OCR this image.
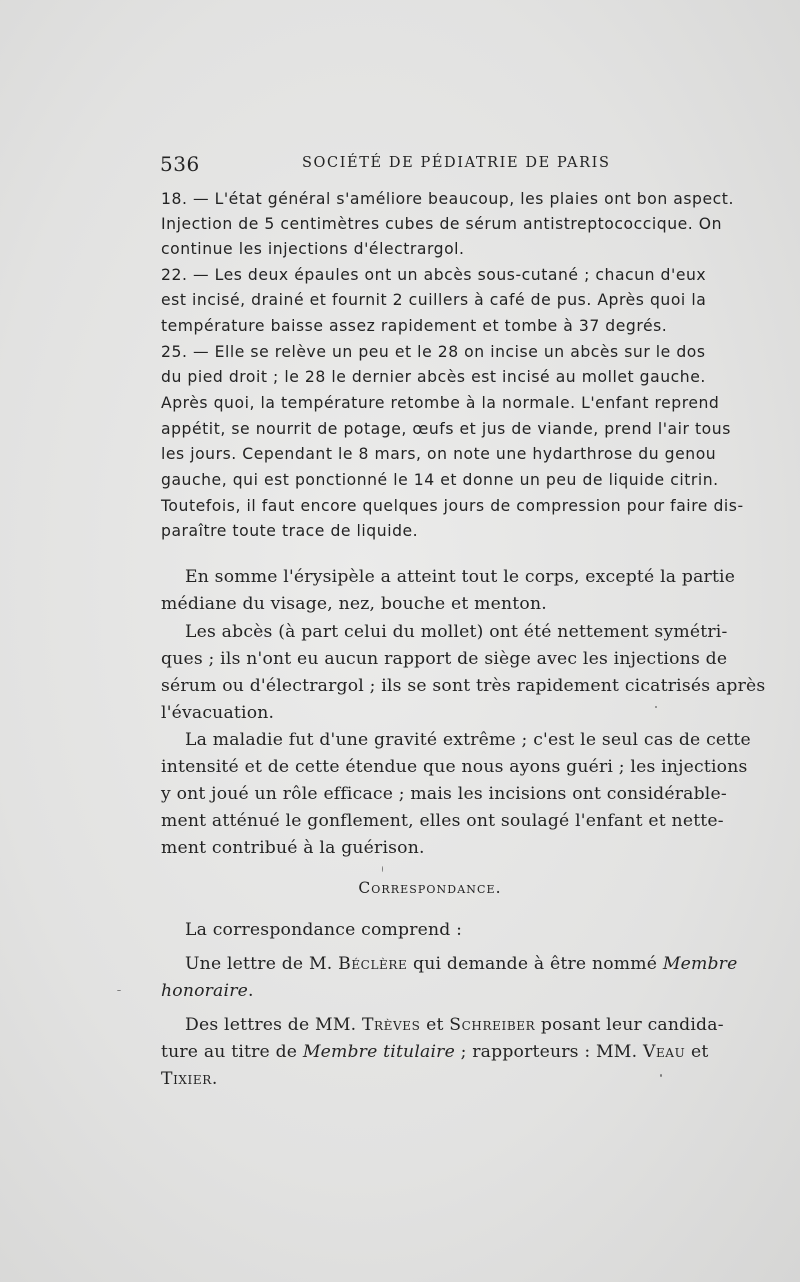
536	SOCIÉTÉ DE PÉDIATRIE DE PARIS
18. — L'état général s'améliore beaucoup, les plaies ont bon aspect.
Injection de 5 centimètres cubes de sérum antistreptococcique. On
continue les injections d'électrargol.
22. — Les deux épaules ont un abcès sous-cutané ; chacun d'eux
est incisé, drainé et fournit 2 cuillers à café de pus. Après quoi la
température baisse assez rapidement et tombe à 37 degrés.
25. — Elle se relève un peu et le 28 on incise un abcès sur le dos
du pied droit ; le 28 le dernier abcès est incisé au mollet gauche.
Après quoi, la température retombe à la normale. L'enfant reprend
appétit, se nourrit de potage, œufs et jus de viande, prend l'air tous
les jours. Cependant le 8 mars, on note une hydarthrose du genou
gauche, qui est ponctionné le 14 et donne un peu de liquide citrin.
Toutefois, il faut encore quelques jours de compression pour faire dis-
paraître toute trace de liquide.
En somme l'érysipèle a atteint tout le corps, excepté la partie
médiane du visage, nez, bouche et menton.
Les abcès (à part celui du mollet) ont été nettement symétri-
ques ; ils n'ont eu aucun rapport de siège avec les injections de
sérum ou d'électrargol ; ils se sont très rapidement cicatrisés après
l'évacuation.
La maladie fut d'une gravité extrême ; c'est le seul cas de cette
intensité et de cette étendue que nous ayons guéri ; les injections
y ont joué un rôle efficace ; mais les incisions ont considérable-
ment atténué le gonflement, elles ont soulagé l'enfant et nette-
ment contribué à la guérison.
Correspondance.
La correspondance comprend :
Une lettre de M. Béclère qui demande à être nommé Membre
honoraire.
Des lettres de MM. Trèves et Schreiber posant leur candida-
ture au titre de Membre titulaire ; rapporteurs : MM. Veau et
Tixier.
